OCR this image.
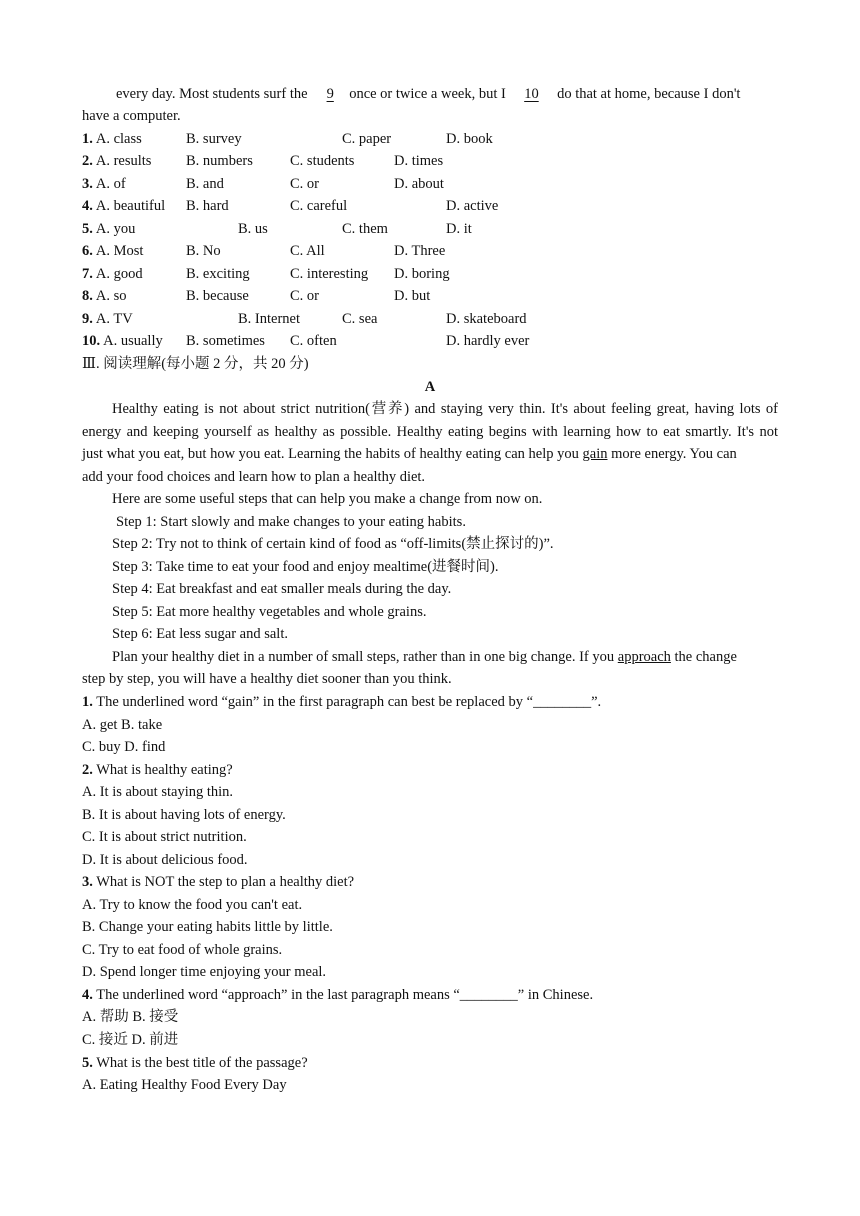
every day. Most students surf the 9 once or twice a week, but I 10 do that at home, because I don't
have a computer.
1. A. class	B. survey	C. paper	D. book
2. A. results B. numbers	C. students	D. times
3. A. of	B. and	C. or	D. about
4. A. beautiful B. hard	C. careful	D. active
5. A. you	B. us	C. them	D. it
6. A. Most	B. No	C. All	D. Three
7. A. good	B. exciting	C. interesting D. boring
8. A. so	B. because	C. or	D. but
9. A. TV	B. Internet	C. sea	D. skateboard
10. A. usually B. sometimes C. often	D. hardly ever
Ⅲ. 阅读理解(每小题 2 分，共 20 分)
A
Healthy eating is not about strict nutrition(营养) and staying very thin. It's about feeling great, having lots of
energy and keeping yourself as healthy as possible. Healthy eating begins with learning how to eat smartly. It's not
just what you eat, but how you eat. Learning the habits of healthy eating can help you gain more energy. You can
add your food choices and learn how to plan a healthy diet.
Here are some useful steps that can help you make a change from now on.
Step 1: Start slowly and make changes to your eating habits.
Step 2: Try not to think of certain kind of food as “off-limits(禁止探讨的)”.
Step 3: Take time to eat your food and enjoy mealtime(进餐时间).
Step 4: Eat breakfast and eat smaller meals during the day.
Step 5: Eat more healthy vegetables and whole grains.
Step 6: Eat less sugar and salt.
Plan your healthy diet in a number of small steps, rather than in one big change. If you approach the change
step by step, you will have a healthy diet sooner than you think.
1. The underlined word “gain” in the first paragraph can best be replaced by “________”.
A. get B. take
C. buy D. find
2. What is healthy eating?
A. It is about staying thin.
B. It is about having lots of energy.
C. It is about strict nutrition.
D. It is about delicious food.
3. What is NOT the step to plan a healthy diet?
A. Try to know the food you can't eat.
B. Change your eating habits little by little.
C. Try to eat food of whole grains.
D. Spend longer time enjoying your meal.
4. The underlined word “approach” in the last paragraph means “________” in Chinese.
A. 帮助 B. 接受
C. 接近 D. 前进
5. What is the best title of the passage?
A. Eating Healthy Food Every Day
